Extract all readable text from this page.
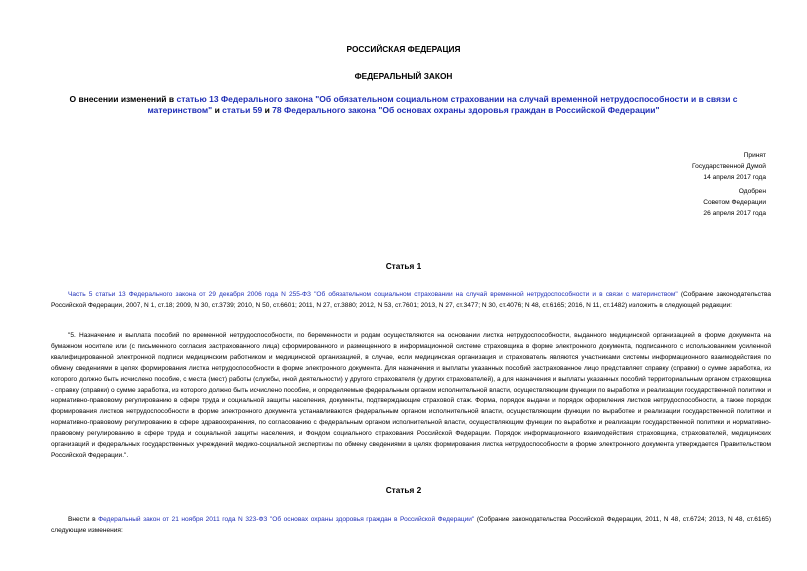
РОССИЙСКАЯ ФЕДЕРАЦИЯ
ФЕДЕРАЛЬНЫЙ ЗАКОН
О внесении изменений в статью 13 Федерального закона "Об обязательном социальном страховании на случай временной нетрудоспособности и в связи с материнством" и статьи 59 и 78 Федерального закона "Об основах охраны здоровья граждан в Российской Федерации"
Принят
Государственной Думой
14 апреля 2017 года
Одобрен
Советом Федерации
26 апреля 2017 года
Статья 1
Часть 5 статьи 13 Федерального закона от 29 декабря 2006 года N 255-ФЗ "Об обязательном социальном страховании на случай временной нетрудоспособности и в связи с материнством" (Собрание законодательства Российской Федерации, 2007, N 1, ст.18; 2009, N 30, ст.3739; 2010, N 50, ст.6601; 2011, N 27, ст.3880; 2012, N 53, ст.7601; 2013, N 27, ст.3477; N 30, ст.4076; N 48, ст.6165; 2016, N 11, ст.1482) изложить в следующей редакции:
"5. Назначение и выплата пособий по временной нетрудоспособности, по беременности и родам осуществляются на основании листка нетрудоспособности, выданного медицинской организацией в форме документа на бумажном носителе или (с письменного согласия застрахованного лица) сформированного и размещенного в информационной системе страховщика в форме электронного документа, подписанного с использованием усиленной квалифицированной электронной подписи медицинским работником и медицинской организацией, в случае, если медицинская организация и страхователь являются участниками системы информационного взаимодействия по обмену сведениями в целях формирования листка нетрудоспособности в форме электронного документа. Для назначения и выплаты указанных пособий застрахованное лицо представляет справку (справки) о сумме заработка, из которого должно быть исчислено пособие, с места (мест) работы (службы, иной деятельности) у другого страхователя (у других страхователей), а для назначения и выплаты указанных пособий территориальным органом страховщика - справку (справки) о сумме заработка, из которого должно быть исчислено пособие, и определяемые федеральным органом исполнительной власти, осуществляющим функции по выработке и реализации государственной политики и нормативно-правовому регулированию в сфере труда и социальной защиты населения, документы, подтверждающие страховой стаж. Форма, порядок выдачи и порядок оформления листков нетрудоспособности, а также порядок формирования листков нетрудоспособности в форме электронного документа устанавливаются федеральным органом исполнительной власти, осуществляющим функции по выработке и реализации государственной политики и нормативно-правовому регулированию в сфере здравоохранения, по согласованию с федеральным органом исполнительной власти, осуществляющим функции по выработке и реализации государственной политики и нормативно-правовому регулированию в сфере труда и социальной защиты населения, и Фондом социального страхования Российской Федерации. Порядок информационного взаимодействия страховщика, страхователей, медицинских организаций и федеральных государственных учреждений медико-социальной экспертизы по обмену сведениями в целях формирования листка нетрудоспособности в форме электронного документа утверждается Правительством Российской Федерации.".
Статья 2
Внести в Федеральный закон от 21 ноября 2011 года N 323-ФЗ "Об основах охраны здоровья граждан в Российской Федерации" (Собрание законодательства Российской Федерации, 2011, N 48, ст.6724; 2013, N 48, ст.6165) следующие изменения:
